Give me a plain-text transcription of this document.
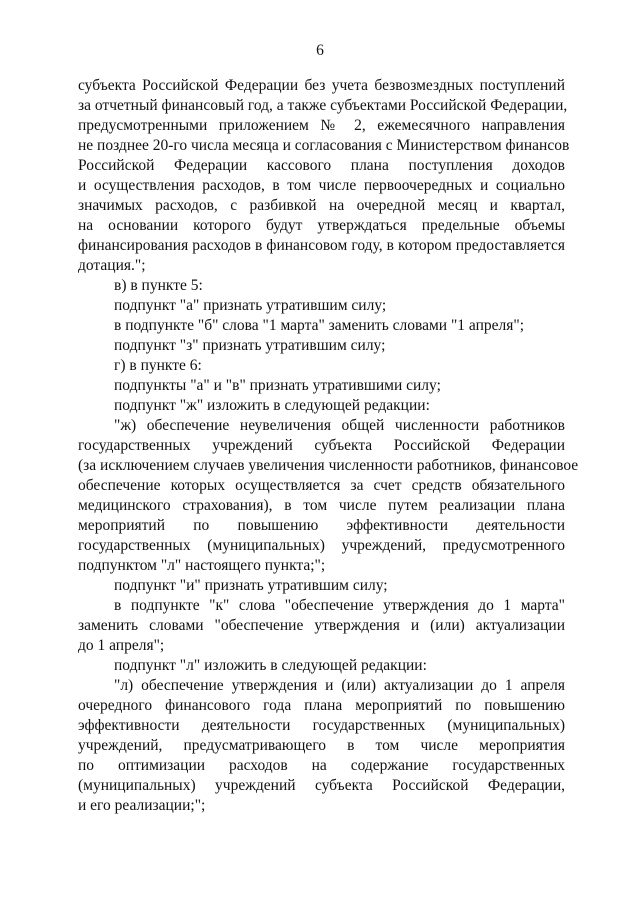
6
субъекта Российской Федерации без учета безвозмездных поступлений
за отчетный финансовый год, а также субъектами Российской Федерации,
предусмотренными приложением № 2, ежемесячного направления
не позднее 20-го числа месяца и согласования с Министерством финансов
Российской Федерации кассового плана поступления доходов
и осуществления расходов, в том числе первоочередных и социально
значимых расходов, с разбивкой на очередной месяц и квартал,
на основании которого будут утверждаться предельные объемы
финансирования расходов в финансовом году, в котором предоставляется
дотация.";
в) в пункте 5:
подпункт "а" признать утратившим силу;
в подпункте "б" слова "1 марта" заменить словами "1 апреля";
подпункт "з" признать утратившим силу;
г) в пункте 6:
подпункты "а" и "в" признать утратившими силу;
подпункт "ж" изложить в следующей редакции:
"ж) обеспечение неувеличения общей численности работников
государственных учреждений субъекта Российской Федерации
(за исключением случаев увеличения численности работников, финансовое
обеспечение которых осуществляется за счет средств обязательного
медицинского страхования), в том числе путем реализации плана
мероприятий по повышению эффективности деятельности
государственных (муниципальных) учреждений, предусмотренного
подпунктом "л" настоящего пункта;";
подпункт "и" признать утратившим силу;
в подпункте "к" слова "обеспечение утверждения до 1 марта"
заменить словами "обеспечение утверждения и (или) актуализации
до 1 апреля";
подпункт "л" изложить в следующей редакции:
"л) обеспечение утверждения и (или) актуализации до 1 апреля
очередного финансового года плана мероприятий по повышению
эффективности деятельности государственных (муниципальных)
учреждений, предусматривающего в том числе мероприятия
по оптимизации расходов на содержание государственных
(муниципальных) учреждений субъекта Российской Федерации,
и его реализации;";
